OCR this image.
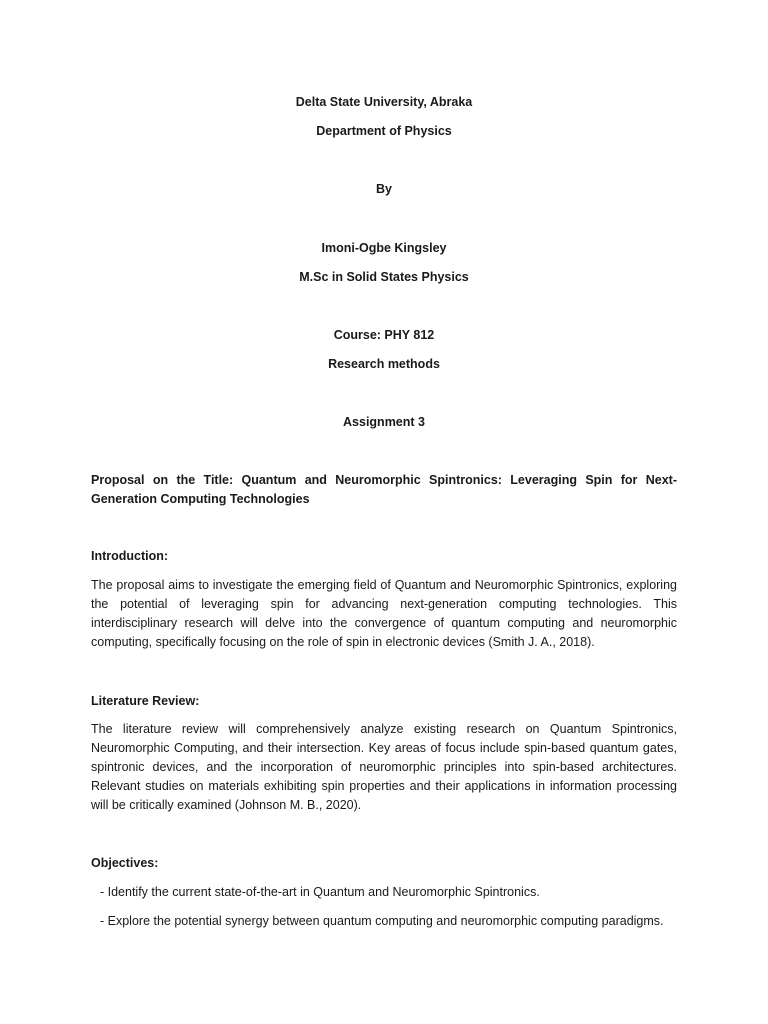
Delta State University, Abraka

Department of Physics

By

Imoni-Ogbe Kingsley

M.Sc in Solid States Physics

Course: PHY 812

Research methods

Assignment 3

Proposal on the Title: Quantum and Neuromorphic Spintronics: Leveraging Spin for Next-Generation Computing Technologies

Introduction:

The proposal aims to investigate the emerging field of Quantum and Neuromorphic Spintronics, exploring the potential of leveraging spin for advancing next-generation computing technologies. This interdisciplinary research will delve into the convergence of quantum computing and neuromorphic computing, specifically focusing on the role of spin in electronic devices (Smith J. A., 2018).

Literature Review:

The literature review will comprehensively analyze existing research on Quantum Spintronics, Neuromorphic Computing, and their intersection. Key areas of focus include spin-based quantum gates, spintronic devices, and the incorporation of neuromorphic principles into spin-based architectures. Relevant studies on materials exhibiting spin properties and their applications in information processing will be critically examined (Johnson M. B., 2020).

Objectives:

- Identify the current state-of-the-art in Quantum and Neuromorphic Spintronics.

- Explore the potential synergy between quantum computing and neuromorphic computing paradigms.
